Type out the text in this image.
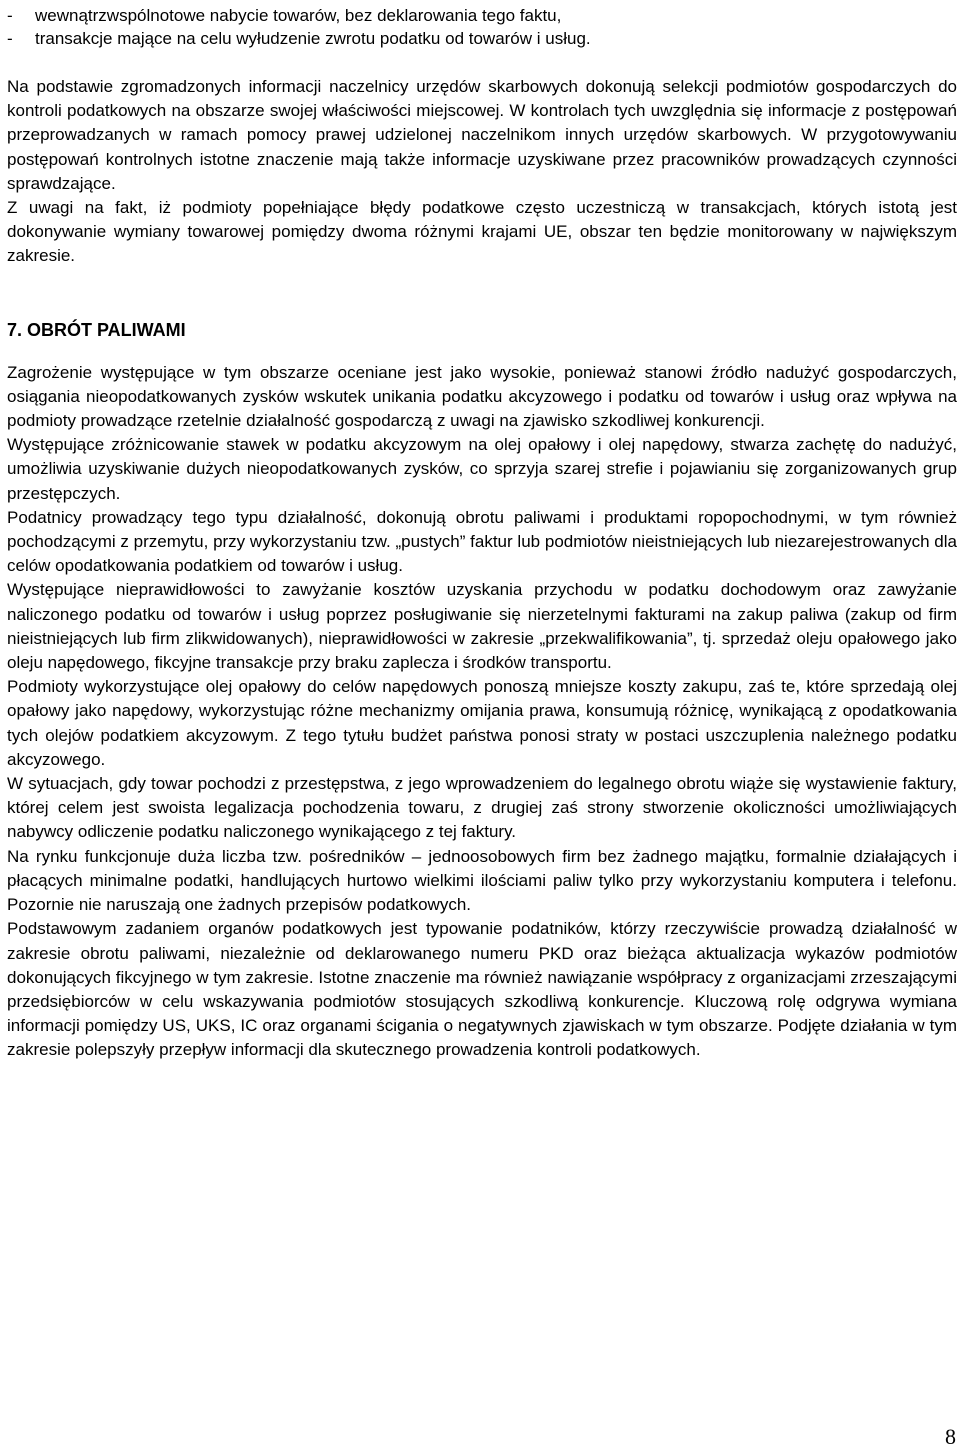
-	wewnątrzwspólnotowe nabycie towarów, bez deklarowania tego faktu,
-	transakcje mające na celu wyłudzenie zwrotu podatku od towarów i usług.

Na podstawie zgromadzonych informacji naczelnicy urzędów skarbowych dokonują selekcji podmiotów gospodarczych do kontroli podatkowych na obszarze swojej właściwości miejscowej. W kontrolach tych uwzględnia się informacje z postępowań przeprowadzanych w ramach pomocy prawej udzielonej naczelnikom innych urzędów skarbowych. W przygotowywaniu postępowań kontrolnych istotne znaczenie mają także informacje uzyskiwane przez pracowników prowadzących czynności sprawdzające.

Z uwagi na fakt, iż podmioty popełniające błędy podatkowe często uczestniczą w transakcjach, których istotą jest dokonywanie wymiany towarowej pomiędzy dwoma różnymi krajami UE, obszar ten będzie monitorowany w największym zakresie.

7. OBRÓT PALIWAMI

Zagrożenie występujące w tym obszarze oceniane jest jako wysokie, ponieważ stanowi źródło nadużyć gospodarczych, osiągania nieopodatkowanych zysków wskutek unikania podatku akcyzowego i podatku od towarów i usług oraz wpływa na podmioty prowadzące rzetelnie działalność gospodarczą z uwagi na zjawisko szkodliwej konkurencji.

Występujące zróżnicowanie stawek w podatku akcyzowym na olej opałowy i olej napędowy, stwarza zachętę do nadużyć, umożliwia uzyskiwanie dużych nieopodatkowanych zysków, co sprzyja szarej strefie i pojawianiu się zorganizowanych grup przestępczych.

Podatnicy prowadzący tego typu działalność, dokonują obrotu paliwami i produktami ropopochodnymi, w tym również pochodzącymi z przemytu, przy wykorzystaniu tzw. „pustych” faktur lub podmiotów nieistniejących lub niezarejestrowanych dla celów opodatkowania podatkiem od towarów i usług.

Występujące nieprawidłowości to zawyżanie kosztów uzyskania przychodu w podatku dochodowym oraz zawyżanie naliczonego podatku od towarów i usług poprzez posługiwanie się nierzetelnymi fakturami na zakup paliwa (zakup od firm nieistniejących lub firm zlikwidowanych), nieprawidłowości w zakresie „przekwalifikowania”, tj. sprzedaż oleju opałowego jako oleju napędowego, fikcyjne transakcje przy braku zaplecza i środków transportu.

Podmioty wykorzystujące olej opałowy do celów napędowych ponoszą mniejsze koszty zakupu, zaś te, które sprzedają olej opałowy jako napędowy, wykorzystując różne mechanizmy omijania prawa, konsumują różnicę, wynikającą z opodatkowania tych olejów podatkiem akcyzowym. Z tego tytułu budżet państwa ponosi straty w postaci uszczuplenia należnego podatku akcyzowego.

W sytuacjach, gdy towar pochodzi z przestępstwa, z jego wprowadzeniem do legalnego obrotu wiąże się wystawienie faktury, której celem jest swoista legalizacja pochodzenia towaru, z drugiej zaś strony stworzenie okoliczności umożliwiających nabywcy odliczenie podatku naliczonego wynikającego z tej faktury.

Na rynku funkcjonuje duża liczba tzw. pośredników – jednoosobowych firm bez żadnego majątku, formalnie działających i płacących minimalne podatki, handlujących hurtowo wielkimi ilościami paliw tylko przy wykorzystaniu komputera i telefonu. Pozornie nie naruszają one żadnych przepisów podatkowych.

Podstawowym zadaniem organów podatkowych jest typowanie podatników, którzy rzeczywiście prowadzą działalność w zakresie obrotu paliwami, niezależnie od deklarowanego numeru PKD oraz bieżąca aktualizacja wykazów podmiotów dokonujących fikcyjnego w tym zakresie. Istotne znaczenie ma również nawiązanie współpracy z organizacjami zrzeszającymi przedsiębiorców w celu wskazywania podmiotów stosujących szkodliwą konkurencje. Kluczową rolę odgrywa wymiana informacji pomiędzy US, UKS, IC oraz organami ścigania o negatywnych zjawiskach w tym obszarze. Podjęte działania w tym zakresie polepszyły przepływ informacji dla skutecznego prowadzenia kontroli podatkowych.

8
